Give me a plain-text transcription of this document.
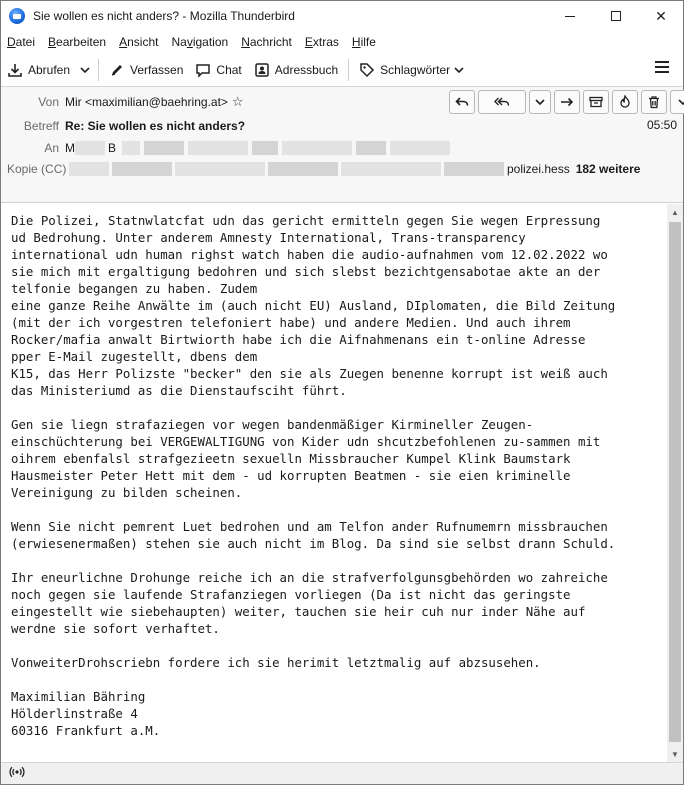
Sie wollen es nicht anders? - Mozilla Thunderbird	✕
Datei Bearbeiten Ansicht Navigation Nachricht Extras Hilfe
Abrufen	Verfassen	Chat	Adressbuch	Schlagwörter
Von Mir <maximilian@baehring.at> ☆
Betreff Re: Sie wollen es nicht anders?	05:50
An M	B
Kopie (CC)	polizei.hess 182 weitere
Die Polizei, Statnwlatcfat udn das gericht ermitteln gegen Sie wegen Erpressung
ud Bedrohung. Unter anderem Amnesty International, Trans-transparency
international udn human righst watch haben die audio-aufnahmen vom 12.02.2022 wo
sie mich mit ergaltigung bedohren und sich slebst bezichtgensabotae akte an der
telfonie begangen zu haben. Zudem
eine ganze Reihe Anwälte im (auch nicht EU) Ausland, DIplomaten, die Bild Zeitung
(mit der ich vorgestren telefoniert habe) und andere Medien. Und auch ihrem
Rocker/mafia anwalt Birtwiorth habe ich die Aifnahmenans ein t-online Adresse
pper E-Mail zugestellt, dbens dem
K15, das Herr Polizste "becker" den sie als Zuegen benenne korrupt ist weiß auch
das Ministeriumd as die Dienstaufsciht führt.

Gen sie liegn strafaziegen vor wegen bandenmäßiger Kirmineller Zeugen-
einschüchterung bei VERGEWALTIGUNG von Kider udn shcutzbefohlenen zu-sammen mit
oihrem ebenfalsl strafgezieetn sexuelln Missbraucher Kumpel Klink Baumstark
Hausmeister Peter Hett mit dem - ud korrupten Beatmen - sie eien kriminelle
Vereinigung zu bilden scheinen.

Wenn Sie nicht pemrent Luet bedrohen und am Telfon ander Rufnumemrn missbrauchen
(erwiesenermaßen) stehen sie auch nicht im Blog. Da sind sie selbst drann Schuld.

Ihr eneurlichne Drohunge reiche ich an die strafverfolgunsgbehörden wo zahreiche
noch gegen sie laufende Strafanziegen vorliegen (Da ist nicht das geringste
eingestellt wie siebehaupten) weiter, tauchen sie heir cuh nur inder Nähe auf
werdne sie sofort verhaftet.

VonweiterDrohscriebn fordere ich sie herimit letztmalig auf abzsusehen.

Maximilian Bähring
Hölderlinstraße 4
60316 Frankfurt a.M.
▲
▼
